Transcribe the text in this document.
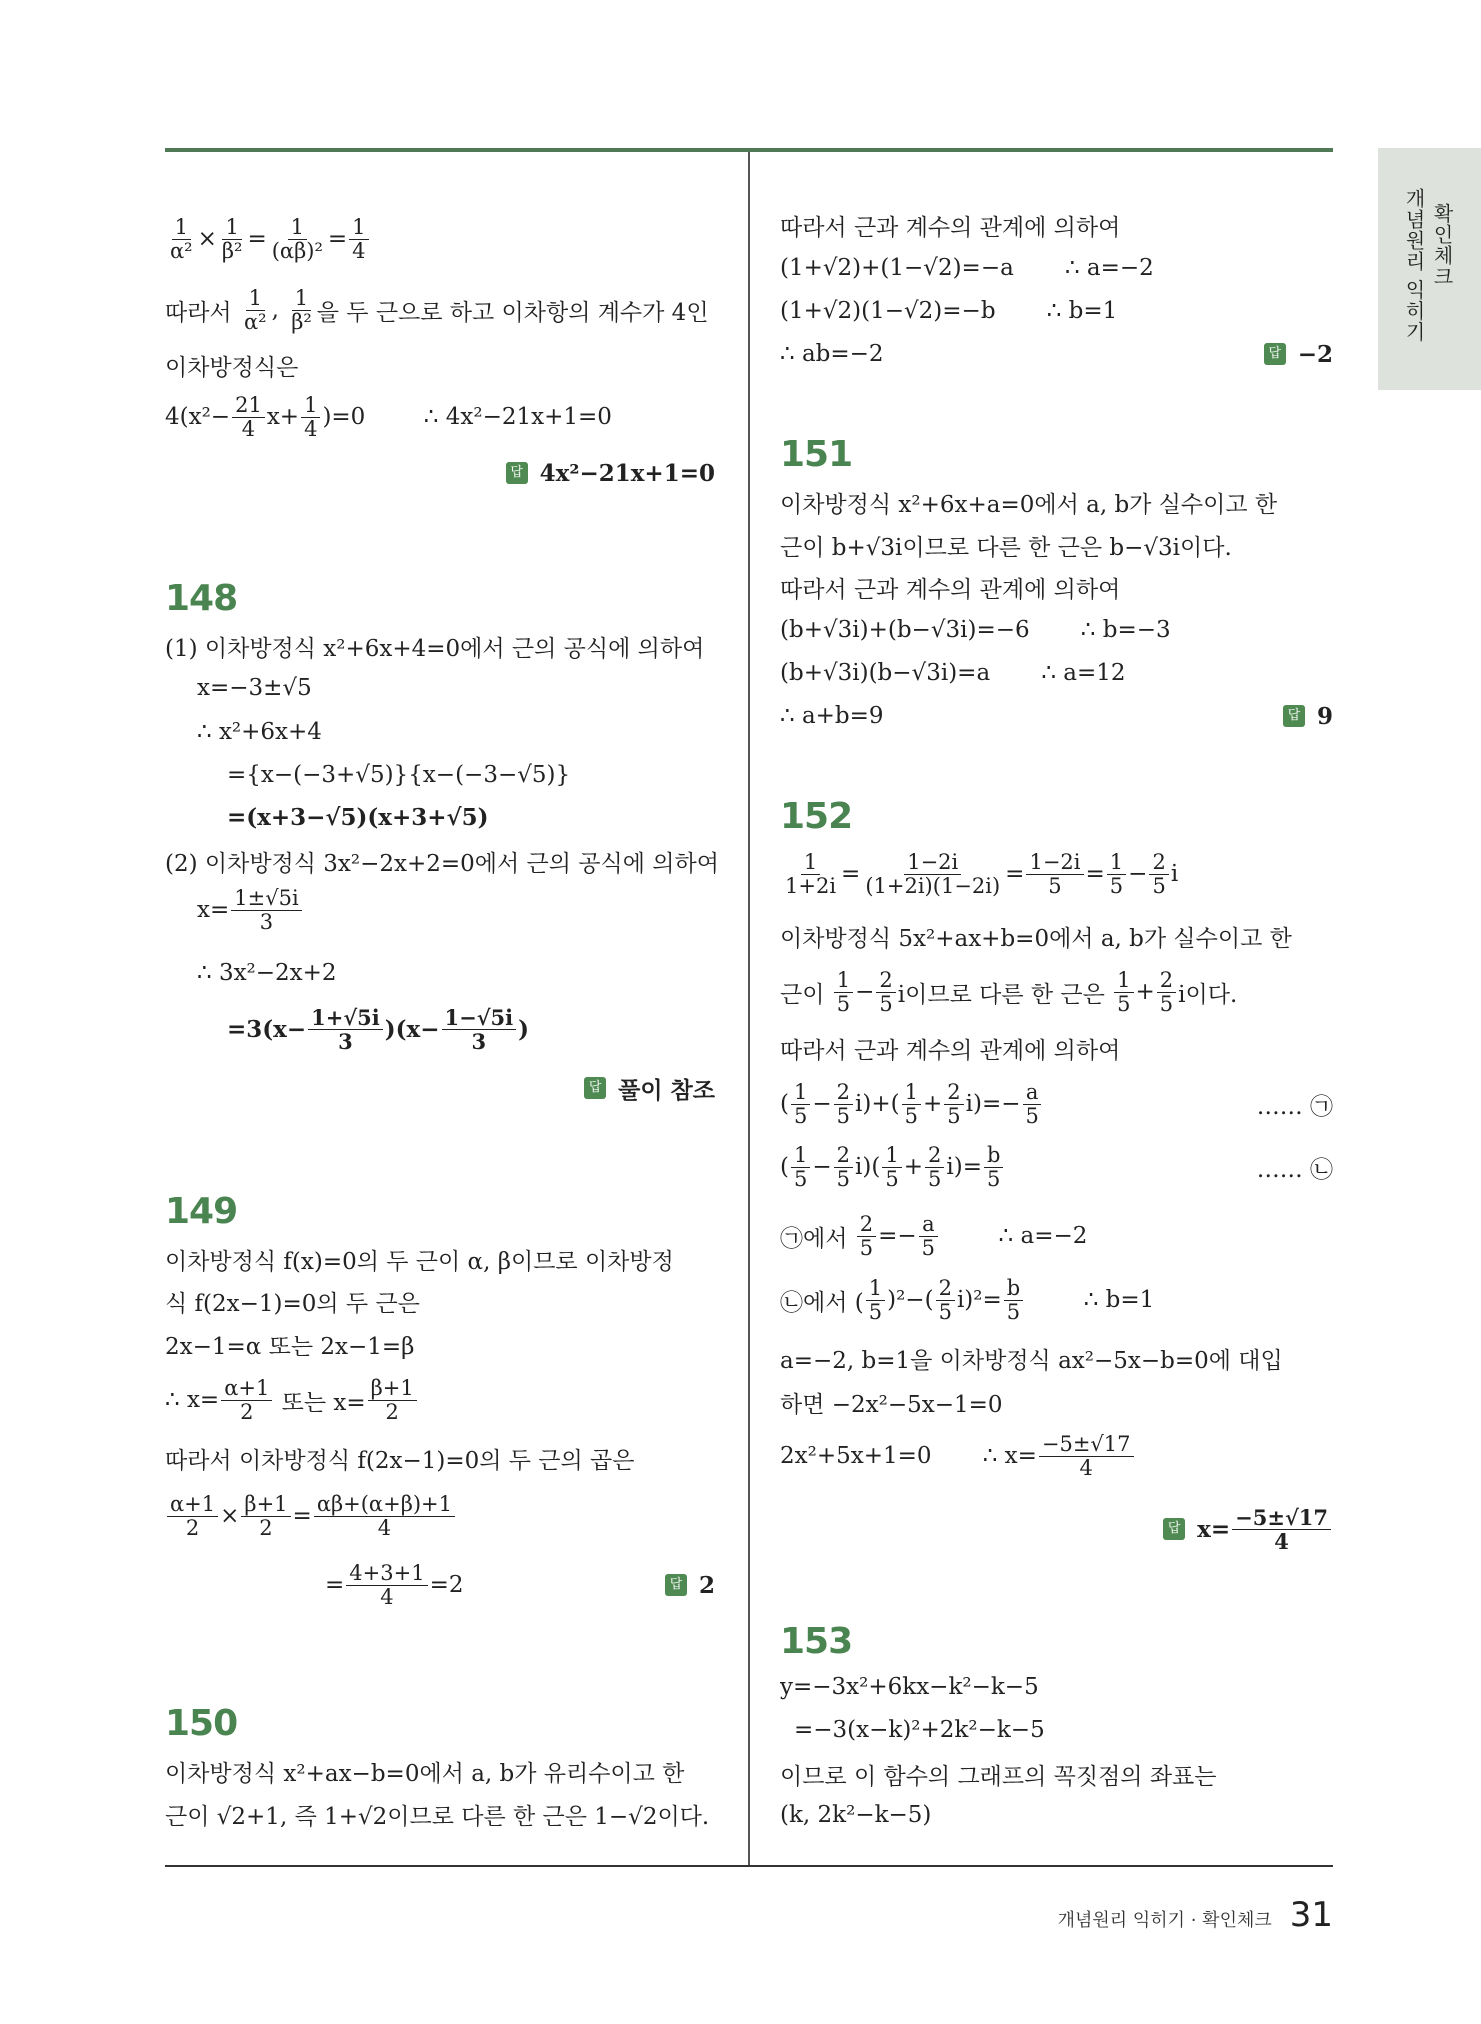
개념원리 익히기 확인체크
$\frac{1}{\text{α²}} \times \frac{1}{\text{β²}} = \frac{1}{\text{(αβ)²}} = \frac{1}{4}$
따라서 $\frac{1}{\text{α²}}$ , $\frac{1}{\text{β²}}$ 을 두 근으로 하고 이차항의 계수가 4인
이차방정식은
$4(x^2- \frac{21}{4} x+ \frac{1}{4} )=0$        ∴ 4x²−21x+1=0
답 4x²−21x+1=0
148
(1) 이차방정식 x²+6x+4=0에서 근의 공식에 의하여
x=−3±√5
∴ x²+6x+4
={x−(−3+√5)}{x−(−3−√5)}
=(x+3−√5)(x+3+√5)
(2) 이차방정식 3x²−2x+2=0에서 근의 공식에 의하여
$x= \frac{1\pm√5i}{3}$
∴ 3x²−2x+2
$=3(x- \frac{1+√5i}{3} )(x- \frac{1-√5i}{3}$ )
답 풀이 참조
149
이차방정식 f(x)=0의 두 근이 α, β이므로 이차방정
식 f(2x−1)=0의 두 근은
2x−1=α 또는 2x−1=β
∴ $x= \frac{\alpha+1}{2}$ 또는 $x= \frac{\beta+1}{2}$
따라서 이차방정식 f(2x−1)=0의 두 근의 곱은
$\frac{\alpha+1}{2} \times \frac{\beta+1}{2} = \frac{\alpha\beta+(\alpha+\beta)+1}{4}$
= $\frac{4+3+1}{4} =2$	답 2
150
이차방정식 x²+ax−b=0에서 a, b가 유리수이고 한
근이 √2+1, 즉 1+√2이므로 다른 한 근은 1−√2이다.
따라서 근과 계수의 관계에 의하여
(1+√2)+(1−√2)=−a       ∴ a=−2
(1+√2)(1−√2)=−b       ∴ b=1
∴ ab=−2	답 −2
151
이차방정식 x²+6x+a=0에서 a, b가 실수이고 한
근이 b+√3i이므로 다른 한 근은 b−√3i이다.
따라서 근과 계수의 관계에 의하여
(b+√3i)+(b−√3i)=−6       ∴ b=−3
(b+√3i)(b−√3i)=a       ∴ a=12
∴ a+b=9	답 9
152
$\frac{1}{1+2i} = \frac{1-2i}{(1+2i)(1-2i)} = \frac{1-2i}{5} = \frac{1}{5} - \frac{2}{5}$ i
이차방정식 5x²+ax+b=0에서 a, b가 실수이고 한
근이 $\frac{1}{5} - \frac{2}{5}$ i이므로 다른 한 근은 $\frac{1}{5} + \frac{2}{5}$ i이다.
따라서 근과 계수의 관계에 의하여
( $\frac{1}{5} - \frac{2}{5} i)+( \frac{1}{5} + \frac{2}{5} i)=- \frac{a}{5}$	…… ㉠
( $\frac{1}{5} - \frac{2}{5} i)( \frac{1}{5} + \frac{2}{5} i)= \frac{b}{5}$	…… ㉡
㉠에서 $\frac{2}{5} =- \frac{a}{5}$ ∴ a=−2
㉡에서 ( $\frac{1}{5} )^2-( \frac{2}{5} i)^2= \frac{b}{5}$ ∴ b=1
a=−2, b=1을 이차방정식 ax²−5x−b=0에 대입
하면 −2x²−5x−1=0
2x²+5x+1=0       ∴ $x= \frac{-5\pm√17}{4}$
답 $x= \frac{-5\pm√17}{4}$
153
y=−3x²+6kx−k²−k−5
=−3(x−k)²+2k²−k−5
이므로 이 함수의 그래프의 꼭짓점의 좌표는
(k, 2k²−k−5)
개념원리 익히기 · 확인체크 31
